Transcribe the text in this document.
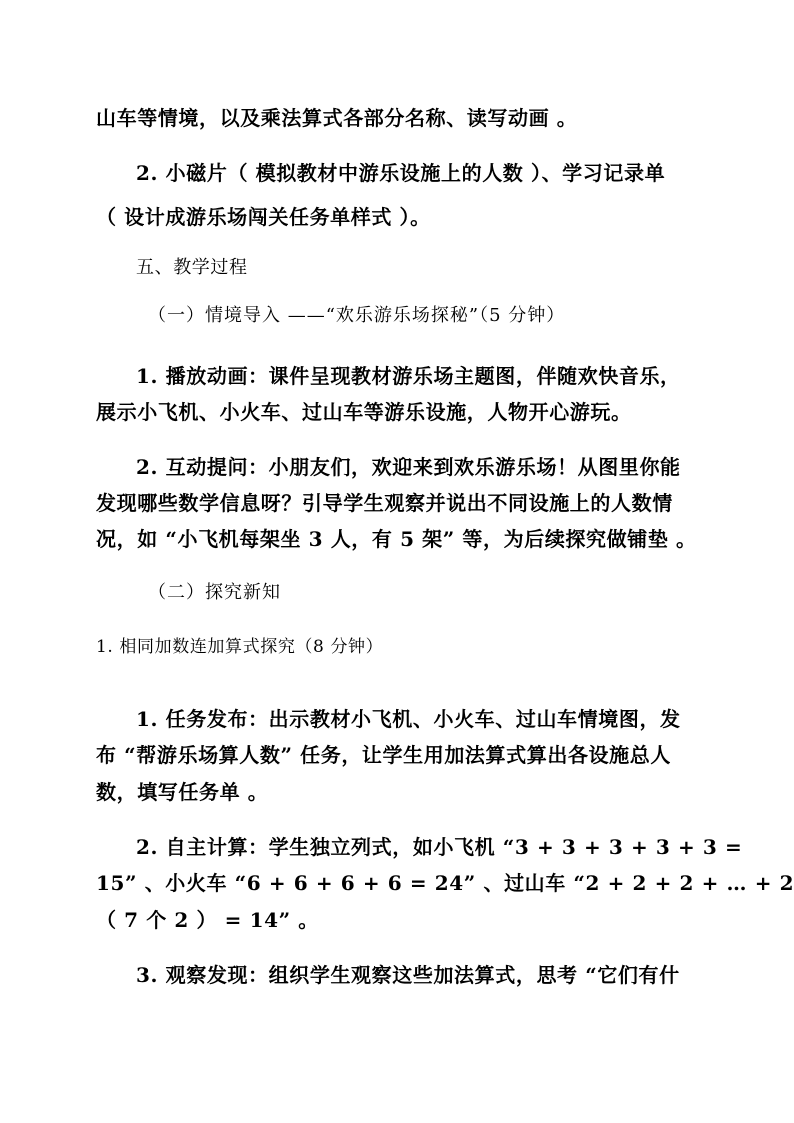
山车等情境，以及乘法算式各部分名称、读写动画 。
2. 小磁片（ 模拟教材中游乐设施上的人数 ）、学习记录单
（ 设计成游乐场闯关任务单样式 ）。
五、教学过程
（一）情境导入 ——“欢乐游乐场探秘”（5 分钟）
1. 播放动画：课件呈现教材游乐场主题图，伴随欢快音乐，
展示小飞机、小火车、过山车等游乐设施，人物开心游玩。
2. 互动提问：小朋友们，欢迎来到欢乐游乐场！从图里你能
发现哪些数学信息呀？引导学生观察并说出不同设施上的人数情
况，如 “小飞机每架坐 3 人，有 5 架” 等，为后续探究做铺垫 。
（二）探究新知
1. 相同加数连加算式探究（8 分钟）
1. 任务发布：出示教材小飞机、小火车、过山车情境图，发
布 “帮游乐场算人数” 任务，让学生用加法算式算出各设施总人
数，填写任务单 。
2. 自主计算：学生独立列式，如小飞机 “3 + 3 + 3 + 3 + 3 =
15” 、小火车 “6 + 6 + 6 + 6 = 24” 、过山车 “2 + 2 + 2 + … + 2
（ 7 个 2 ） = 14” 。
3. 观察发现：组织学生观察这些加法算式，思考 “它们有什
